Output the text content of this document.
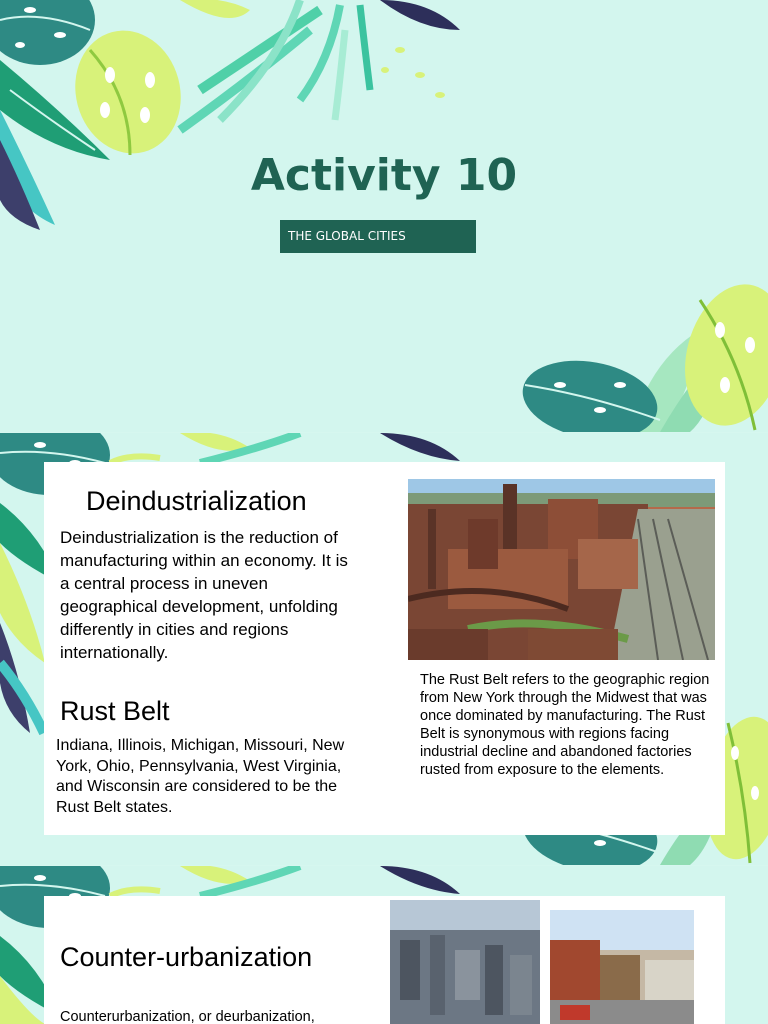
Activity 10
THE GLOBAL CITIES
Deindustrialization

Deindustrialization is the reduction of manufacturing within an economy. It is a central process in uneven geographical development, unfolding differently in cities and regions internationally.

Rust Belt

Indiana, Illinois, Michigan, Missouri, New York, Ohio, Pennsylvania, West Virginia, and Wisconsin are considered to be the Rust Belt states.

The Rust Belt refers to the geographic region from New York through the Midwest that was once dominated by manufacturing. The Rust Belt is synonymous with regions facing industrial decline and abandoned factories rusted from exposure to the elements.

Counter-urbanization

Counterurbanization, or deurbanization,
